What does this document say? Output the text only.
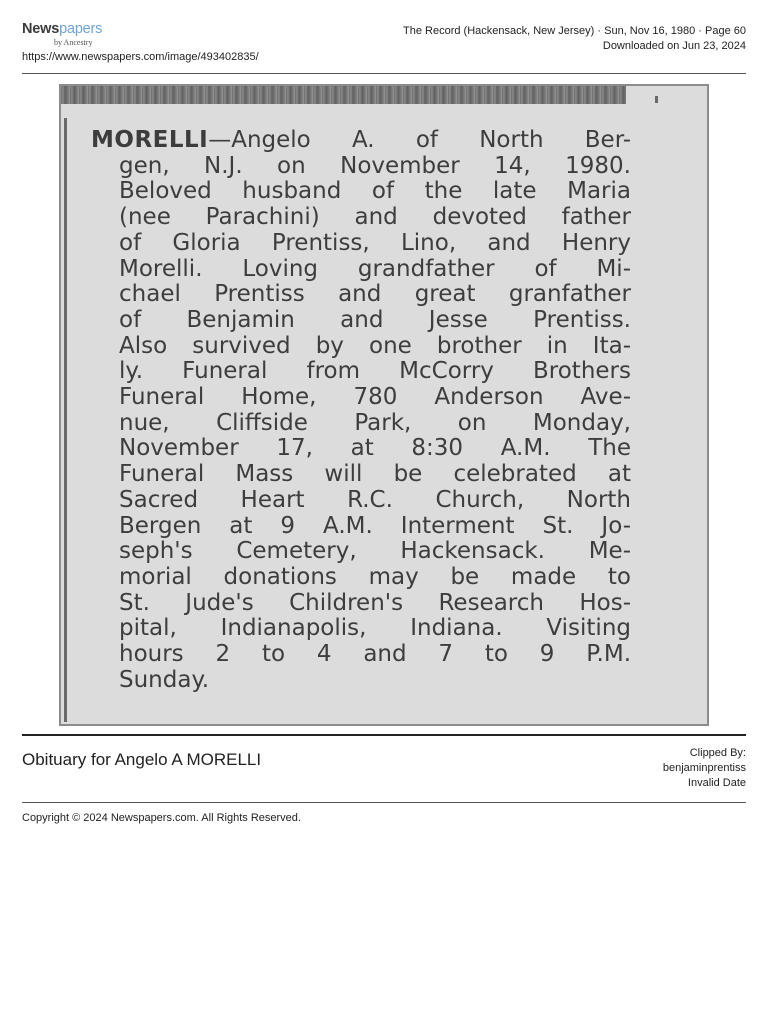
Newspapers
by Ancestry
https://www.newspapers.com/image/493402835/
The Record (Hackensack, New Jersey) · Sun, Nov 16, 1980 · Page 60
Downloaded on Jun 23, 2024
MORELLI—Angelo A. of North Ber-
gen, N.J. on November 14, 1980.
Beloved husband of the late Maria
(nee Parachini) and devoted father
of Gloria Prentiss, Lino, and Henry
Morelli. Loving grandfather of Mi-
chael Prentiss and great granfather
of Benjamin and Jesse Prentiss.
Also survived by one brother in Ita-
ly. Funeral from McCorry Brothers
Funeral Home, 780 Anderson Ave-
nue, Cliffside Park, on Monday,
November 17, at 8:30 A.M. The
Funeral Mass will be celebrated at
Sacred Heart R.C. Church, North
Bergen at 9 A.M. Interment St. Jo-
seph's Cemetery, Hackensack. Me-
morial donations may be made to
St. Jude's Children's Research Hos-
pital, Indianapolis, Indiana. Visiting
hours 2 to 4 and 7 to 9 P.M.
Sunday.
Obituary for Angelo A MORELLI	Clipped By:
benjaminprentiss
Invalid Date
Copyright © 2024 Newspapers.com. All Rights Reserved.
